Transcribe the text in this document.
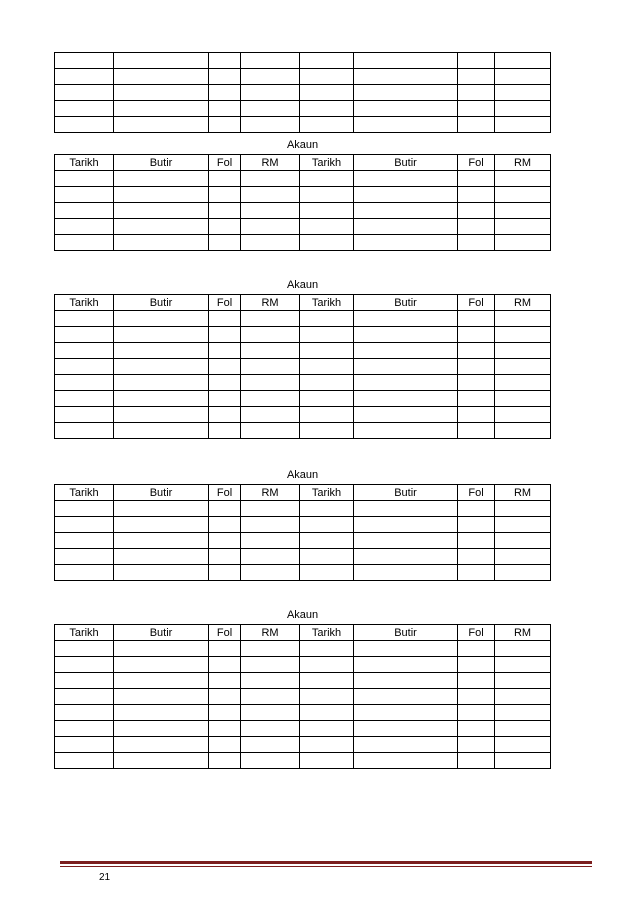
Akaun							
Tarikh	Butir	Fol	RM	Tarikh	Butir	Fol	RM

Akaun							
Tarikh	Butir	Fol	RM	Tarikh	Butir	Fol	RM

Akaun							
Tarikh	Butir	Fol	RM	Tarikh	Butir	Fol	RM

Akaun							
Tarikh	Butir	Fol	RM	Tarikh	Butir	Fol	RM

21
